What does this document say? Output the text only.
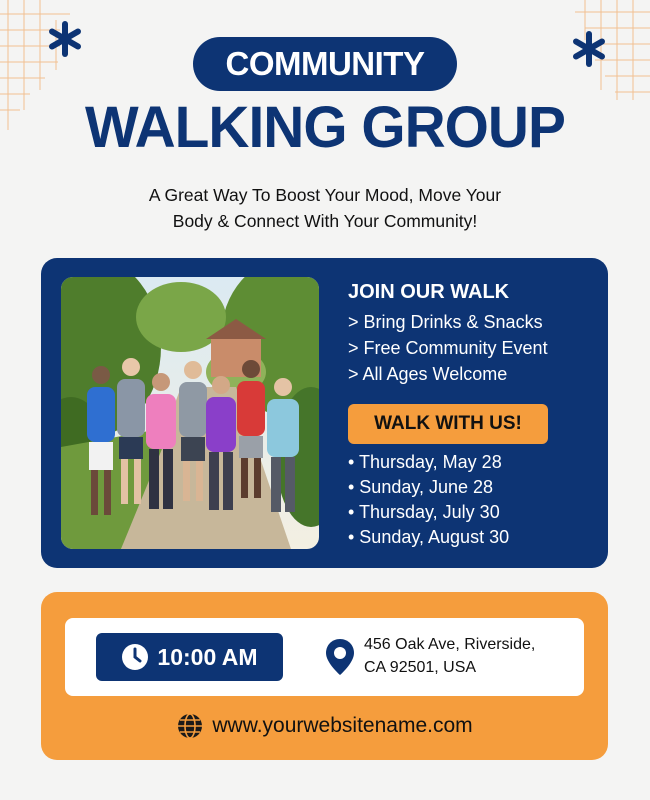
COMMUNITY
WALKING GROUP
A Great Way To Boost Your Mood, Move Your
Body & Connect With Your Community!
JOIN OUR WALK
> Bring Drinks & Snacks
> Free Community Event
> All Ages Welcome
WALK WITH US!
• Thursday, May 28
• Sunday, June 28
• Thursday, July 30
• Sunday, August 30
10:00 AM	456 Oak Ave, Riverside,
CA 92501, USA
www.yourwebsitename.com
